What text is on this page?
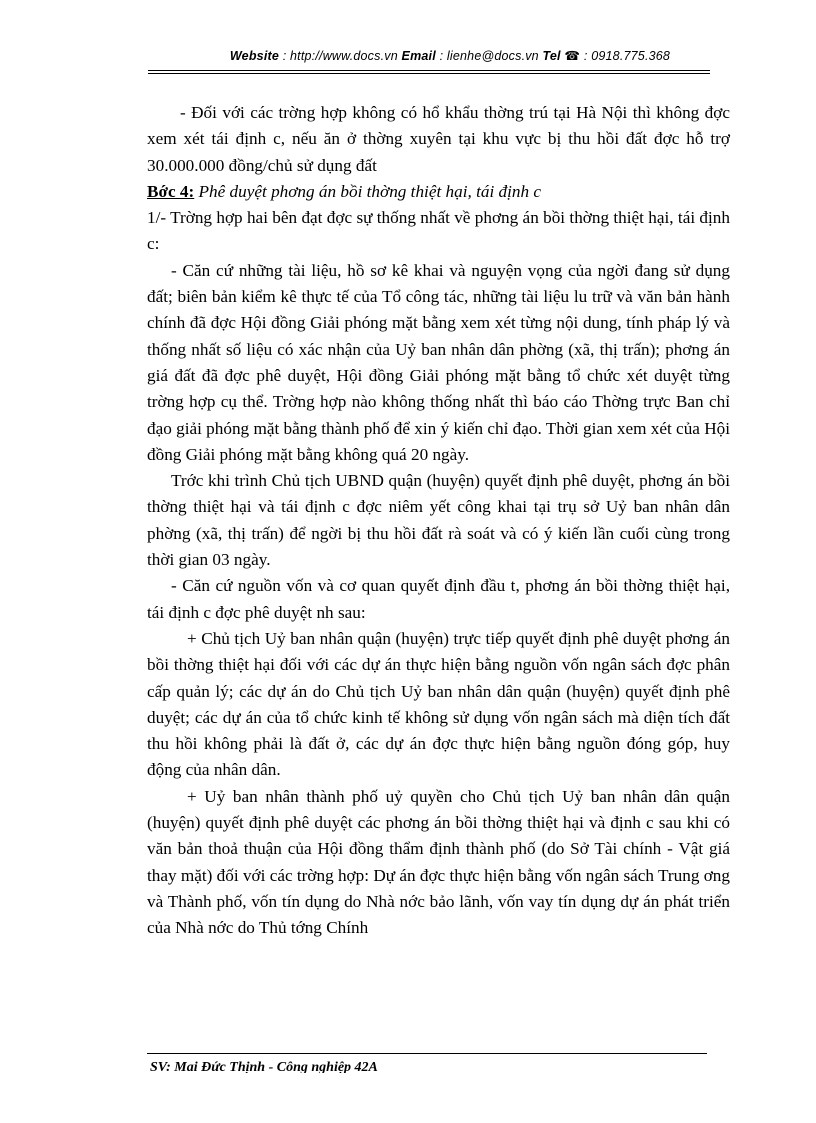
Website : http://www.docs.vn Email : lienhe@docs.vn Tel ☎ : 0918.775.368

- Đối với các trờng hợp không có hổ khẩu thờng trú tại Hà Nội thì không đợc xem xét tái định c, nếu ăn ở thờng xuyên tại khu vực bị thu hồi đất đợc hỗ trợ 30.000.000 đồng/chủ sử dụng đất

Bớc 4: Phê duyệt phơng án bồi thờng thiệt hại, tái định c

1/- Trờng hợp hai bên đạt đợc sự thống nhất về phơng án bồi thờng thiệt hại, tái định c:

- Căn cứ những tài liệu, hồ sơ kê khai và nguyện vọng của ngời đang sử dụng đất; biên bản kiểm kê thực tế của Tổ công tác, những tài liệu lu trữ và văn bản hành chính đã đợc Hội đồng Giải phóng mặt bằng xem xét từng nội dung, tính pháp lý và thống nhất số liệu có xác nhận của Uỷ ban nhân dân phờng (xã, thị trấn); phơng án giá đất đã đợc phê duyệt, Hội đồng Giải phóng mặt bằng tổ chức xét duyệt từng trờng hợp cụ thể. Trờng hợp nào không thống nhất thì báo cáo Thờng trực Ban chỉ đạo giải phóng mặt bằng thành phố để xin ý kiến chỉ đạo. Thời gian xem xét của Hội đồng Giải phóng mặt bằng không quá 20 ngày.

Trớc khi trình Chủ tịch UBND quận (huyện) quyết định phê duyệt, phơng án bồi thờng thiệt hại và tái định c đợc niêm yết công khai tại trụ sở Uỷ ban nhân dân phờng (xã, thị trấn) để ngời bị thu hồi đất rà soát và có ý kiến lần cuối cùng trong thời gian 03 ngày.

- Căn cứ nguồn vốn và cơ quan quyết định đầu t, phơng án bồi thờng thiệt hại, tái định c đợc phê duyệt nh sau:

+ Chủ tịch Uỷ ban nhân quận (huyện) trực tiếp quyết định phê duyệt phơng án bồi thờng thiệt hại đối với các dự án thực hiện bằng nguồn vốn ngân sách đợc phân cấp quản lý; các dự án do Chủ tịch Uỷ ban nhân dân quận (huyện) quyết định phê duyệt; các dự án của tổ chức kinh tế không sử dụng vốn ngân sách mà diện tích đất thu hồi không phải là đất ở, các dự án đợc thực hiện bằng nguồn đóng góp, huy động của nhân dân.

+ Uỷ ban nhân thành phố uỷ quyền cho Chủ tịch Uỷ ban nhân dân quận (huyện) quyết định phê duyệt các phơng án bồi thờng thiệt hại và định c sau khi có văn bản thoả thuận của Hội đồng thẩm định thành phố (do Sở Tài chính - Vật giá thay mặt) đối với các trờng hợp: Dự án đợc thực hiện bằng vốn ngân sách Trung ơng và Thành phố, vốn tín dụng do Nhà nớc bảo lãnh, vốn vay tín dụng dự án phát triển của Nhà nớc do Thủ tớng Chính

SV: Mai Đức Thịnh - Công nghiệp 42A
